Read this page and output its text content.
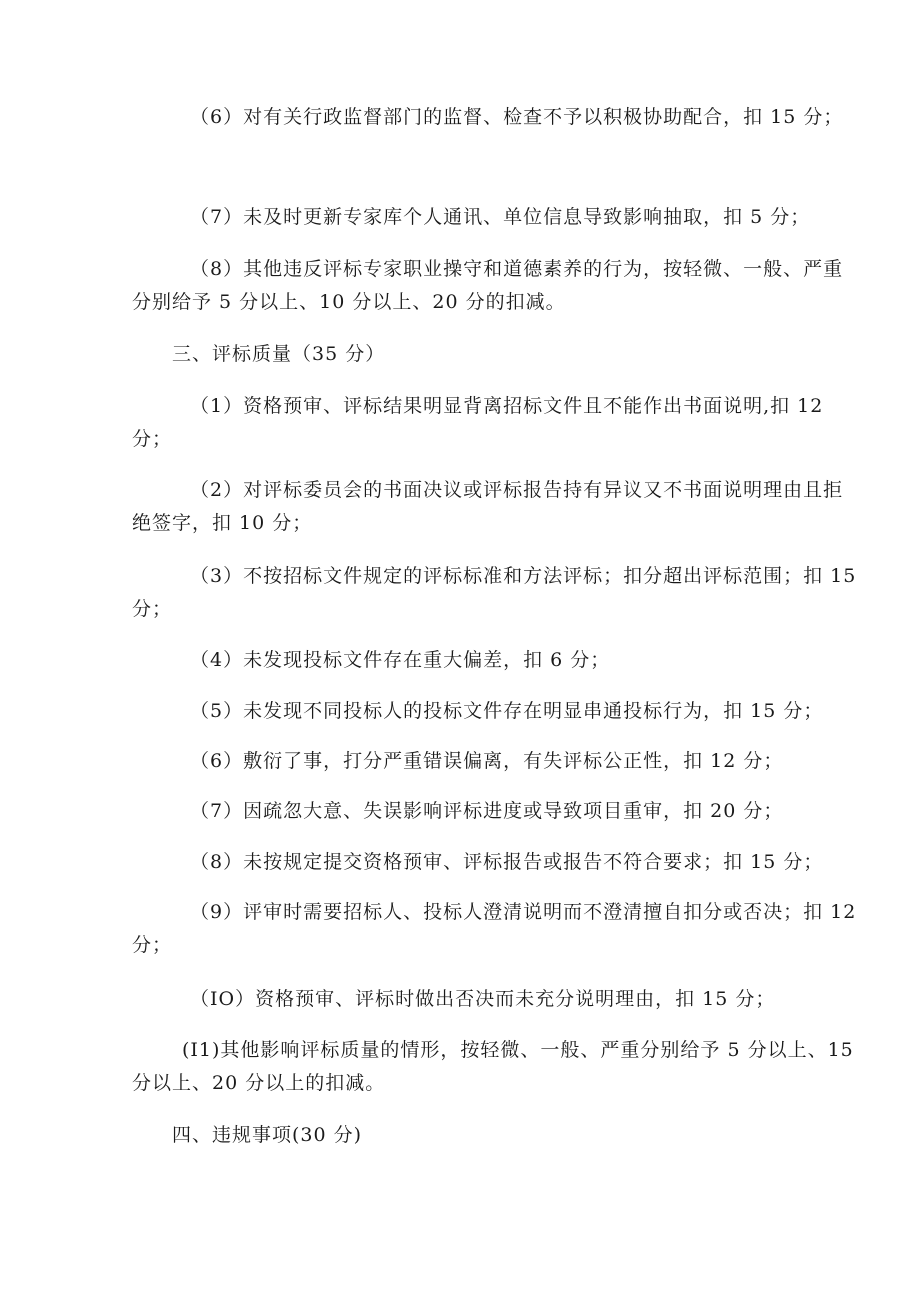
（6）对有关行政监督部门的监督、检查不予以积极协助配合，扣 15 分；

（7）未及时更新专家库个人通讯、单位信息导致影响抽取，扣 5 分；

（8）其他违反评标专家职业操守和道德素养的行为，按轻微、一般、严重分别给予 5 分以上、10 分以上、20 分的扣减。

三、评标质量（35 分）

（1）资格预审、评标结果明显背离招标文件且不能作出书面说明,扣 12 分；

（2）对评标委员会的书面决议或评标报告持有异议又不书面说明理由且拒绝签字，扣 10 分；

（3）不按招标文件规定的评标标准和方法评标；扣分超出评标范围；扣 15 分；

（4）未发现投标文件存在重大偏差，扣 6 分；

（5）未发现不同投标人的投标文件存在明显串通投标行为，扣 15 分；

（6）敷衍了事，打分严重错误偏离，有失评标公正性，扣 12 分；

（7）因疏忽大意、失误影响评标进度或导致项目重审，扣 20 分；

（8）未按规定提交资格预审、评标报告或报告不符合要求；扣 15 分；

（9）评审时需要招标人、投标人澄清说明而不澄清擅自扣分或否决；扣 12 分；

（IO）资格预审、评标时做出否决而未充分说明理由，扣 15 分；

(I1)其他影响评标质量的情形，按轻微、一般、严重分别给予 5 分以上、15 分以上、20 分以上的扣减。

四、违规事项(30 分)
